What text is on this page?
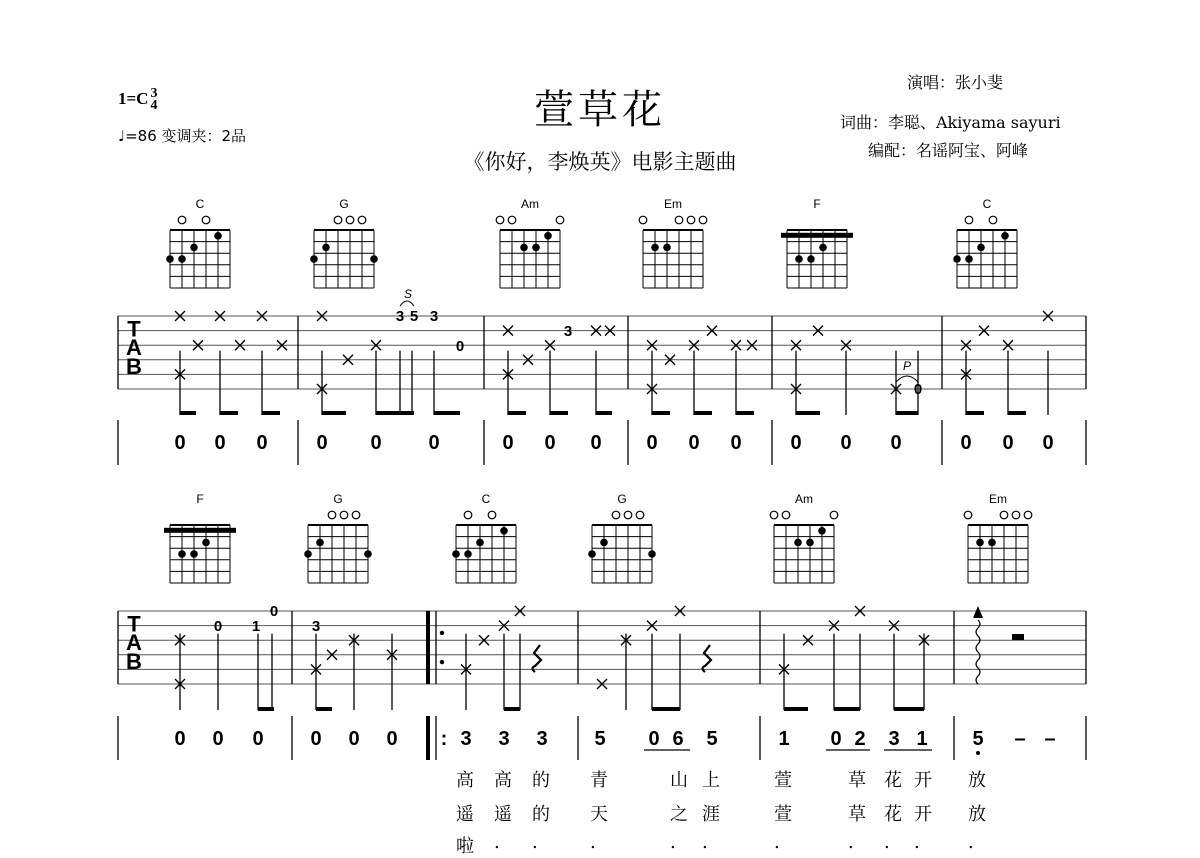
1=C 3
4
♩=86 变调夹：2品
萱草花
《你好，李焕英》电影主题曲
演唱：张小斐
词曲：李聪、Akiyama sayuri
编配：名谣阿宝、阿峰
C	G	Am	Em	F	C
F	G	C	G	Am	Em
T
A
B
3 5 3
0
3
0
S
P
0 0 0 0 0 0	0 0 0 0 0 0 0 0 0	0 0 0
T
A
B
0 1
0
3
0 0 0 0 0 0 : 3 3 3 5 0 6 5	1 0 2 3 1 5 – –
高 高 的 青	山 上	萱	草 花 开 放
遥 遥 的 天	之 涯	萱	草 花 开 放
啦 . .	.	. .	.	. . .	.
